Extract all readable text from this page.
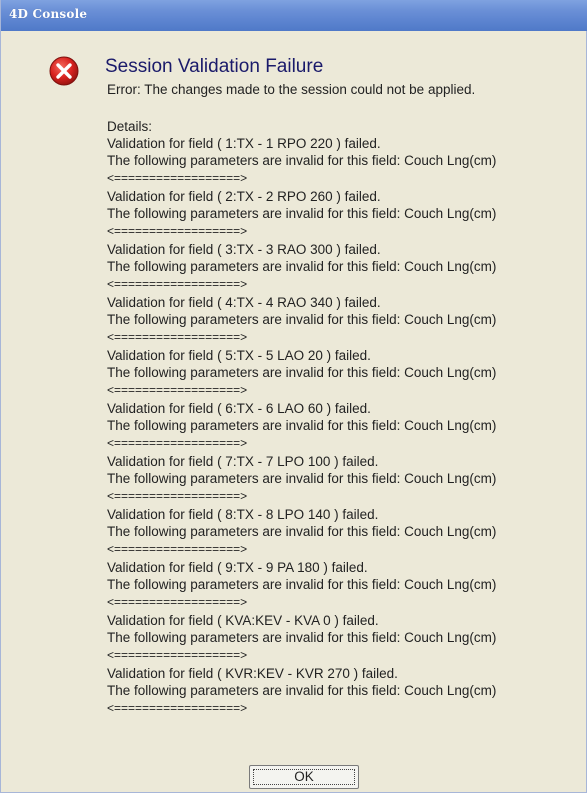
4D Console
Session Validation Failure
Error: The changes made to the session could not be applied.
Details:
Validation for field ( 1:TX - 1 RPO 220 ) failed.
The following parameters are invalid for this field: Couch Lng(cm)
<==================>
Validation for field ( 2:TX - 2 RPO 260 ) failed.
The following parameters are invalid for this field: Couch Lng(cm)
<==================>
Validation for field ( 3:TX - 3 RAO 300 ) failed.
The following parameters are invalid for this field: Couch Lng(cm)
<==================>
Validation for field ( 4:TX - 4 RAO 340 ) failed.
The following parameters are invalid for this field: Couch Lng(cm)
<==================>
Validation for field ( 5:TX - 5 LAO 20 ) failed.
The following parameters are invalid for this field: Couch Lng(cm)
<==================>
Validation for field ( 6:TX - 6 LAO 60 ) failed.
The following parameters are invalid for this field: Couch Lng(cm)
<==================>
Validation for field ( 7:TX - 7 LPO 100 ) failed.
The following parameters are invalid for this field: Couch Lng(cm)
<==================>
Validation for field ( 8:TX - 8 LPO 140 ) failed.
The following parameters are invalid for this field: Couch Lng(cm)
<==================>
Validation for field ( 9:TX - 9 PA 180 ) failed.
The following parameters are invalid for this field: Couch Lng(cm)
<==================>
Validation for field ( KVA:KEV - KVA 0 ) failed.
The following parameters are invalid for this field: Couch Lng(cm)
<==================>
Validation for field ( KVR:KEV - KVR 270 ) failed.
The following parameters are invalid for this field: Couch Lng(cm)
<==================>
OK
